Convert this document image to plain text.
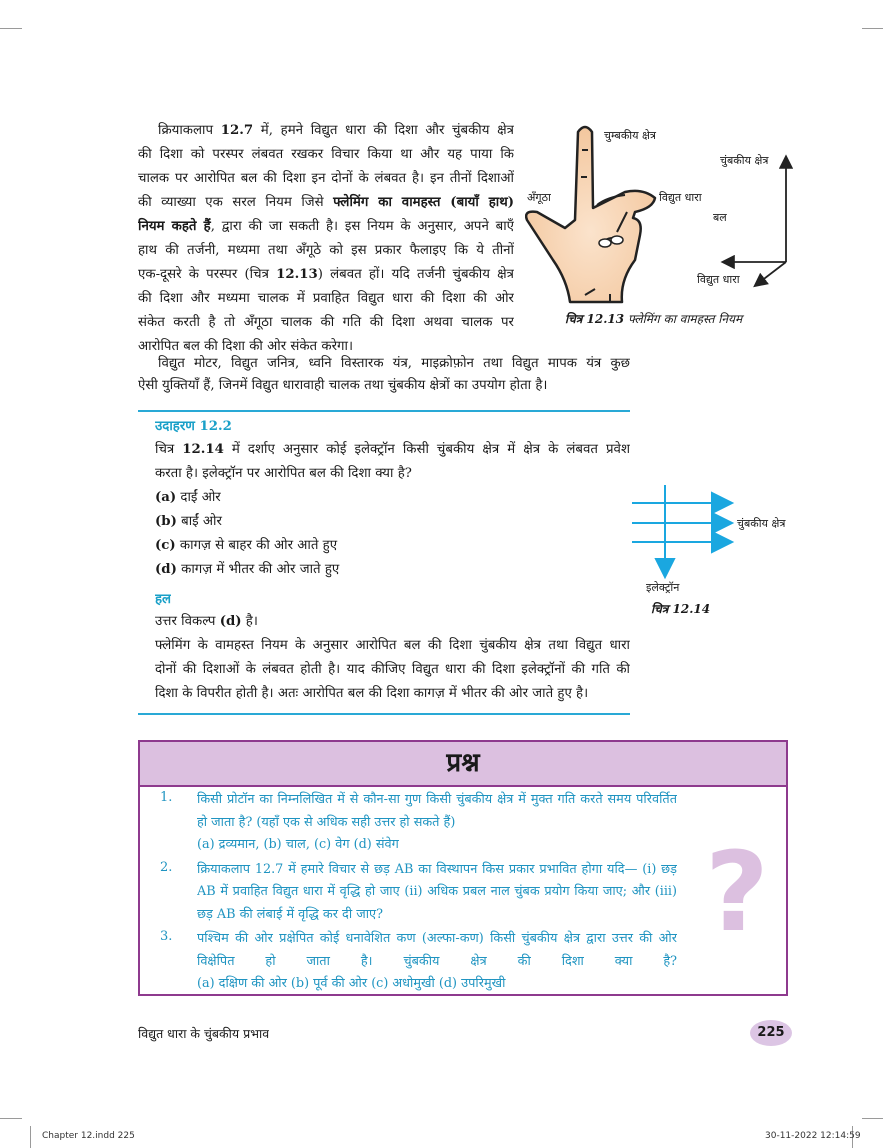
क्रियाकलाप 12.7 में, हमने विद्युत धारा की दिशा और चुंबकीय क्षेत्र
की दिशा को परस्पर लंबवत रखकर विचार किया था और यह पाया कि
चालक पर आरोपित बल की दिशा इन दोनों के लंबवत है। इन तीनों दिशाओं
की व्याख्या एक सरल नियम जिसे फ्लेमिंग का वामहस्त (बायाँ हाथ)
नियम कहते हैं, द्वारा की जा सकती है। इस नियम के अनुसार, अपने बाएँ
हाथ की तर्जनी, मध्यमा तथा अँगूठे को इस प्रकार फैलाइए कि ये तीनों
एक-दूसरे के परस्पर (चित्र 12.13) लंबवत हों। यदि तर्जनी चुंबकीय क्षेत्र
की दिशा और मध्यमा चालक में प्रवाहित विद्युत धारा की दिशा की ओर
संकेत करती है तो अँगूठा चालक की गति की दिशा अथवा चालक पर
आरोपित बल की दिशा की ओर संकेत करेगा।
विद्युत मोटर, विद्युत जनित्र, ध्वनि विस्तारक यंत्र, माइक्रोफ़ोन तथा विद्युत मापक यंत्र कुछ
ऐसी युक्तियाँ हैं, जिनमें विद्युत धारावाही चालक तथा चुंबकीय क्षेत्रों का उपयोग होता है।
चुम्बकीय क्षेत्र
अँगूठा	विद्युत धारा
चुंबकीय क्षेत्र
बल
विद्युत धारा
चित्र 12.13 फ्लेमिंग का वामहस्त नियम
उदाहरण 12.2
चित्र 12.14 में दर्शाए अनुसार कोई इलेक्ट्रॉन किसी चुंबकीय क्षेत्र में क्षेत्र के लंबवत प्रवेश
करता है। इलेक्ट्रॉन पर आरोपित बल की दिशा क्या है?
(a) दाईं ओर
(b) बाईं ओर
(c) कागज़ से बाहर की ओर आते हुए
(d) कागज़ में भीतर की ओर जाते हुए
हल
उत्तर विकल्प (d) है।
फ्लेमिंग के वामहस्त नियम के अनुसार आरोपित बल की दिशा चुंबकीय क्षेत्र तथा विद्युत धारा
दोनों की दिशाओं के लंबवत होती है। याद कीजिए विद्युत धारा की दिशा इलेक्ट्रॉनों की गति की
दिशा के विपरीत होती है। अतः आरोपित बल की दिशा कागज़ में भीतर की ओर जाते हुए है।
चुंबकीय क्षेत्र
इलेक्ट्रॉन
चित्र 12.14
प्रश्न
?
1. किसी प्रोटॉन का निम्नलिखित में से कौन-सा गुण किसी चुंबकीय क्षेत्र में मुक्त गति करते समय परिवर्तित
हो जाता है? (यहाँ एक से अधिक सही उत्तर हो सकते हैं)
(a) द्रव्यमान, (b) चाल, (c) वेग (d) संवेग
2. क्रियाकलाप 12.7 में हमारे विचार से छड़ AB का विस्थापन किस प्रकार प्रभावित होगा यदि— (i) छड़
AB में प्रवाहित विद्युत धारा में वृद्धि हो जाए (ii) अधिक प्रबल नाल चुंबक प्रयोग किया जाए; और (iii)
छड़ AB की लंबाई में वृद्धि कर दी जाए?
3. पश्चिम की ओर प्रक्षेपित कोई धनावेशित कण (अल्फा-कण) किसी चुंबकीय क्षेत्र द्वारा उत्तर की ओर
विक्षेपित हो जाता है। चुंबकीय क्षेत्र की दिशा क्या है?
(a) दक्षिण की ओर (b) पूर्व की ओर (c) अधोमुखी (d) उपरिमुखी
विद्युत धारा के चुंबकीय प्रभाव	225
Chapter 12.indd 225	30-11-2022 12:14:59
